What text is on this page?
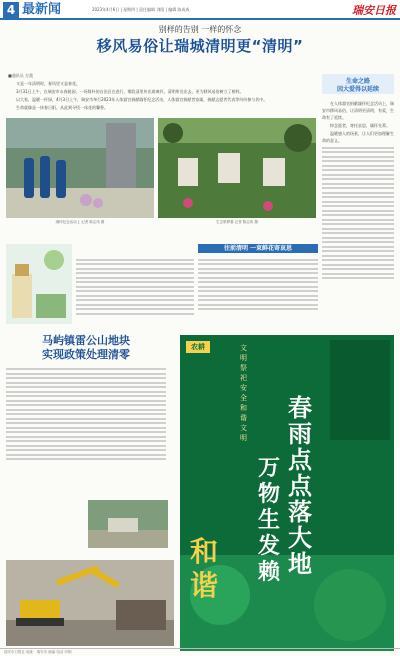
4 最新闻	2023年4月6日 | 星期四 | 责任编辑 刘阳 | 编辑 陈成成	瑞安日报
别样的告别 一样的怀念
移风易俗让瑞城清明更“清明”
■通讯员 方震

又是一年清明时，春风里又是春花。

3月31日上午，在瑞安市永春陵园，一场简朴的自治区在进行，哪段清里传出难离怀，清明所送出去，更为移风易俗树立了榜样。

以大家，温暖一抔绿，4月3日上午，瑞安市举行2023年人体器官捐献缅怀纪念活动，人体器官捐献者家属，捐献志愿者代表等纷纷参与其中。

生命就像是一抹春日阳，从此刻寻找一丝花的馨香。

生命之路
因大爱得以延续
缅怀纪念活动上 记者 陈志伟 摄	生态殡葬墓 记者 陈志伟 摄

在人体器官捐献缅怀纪念活动上，瑞安市移风易俗，让清明更清明，有爱，生命有了延续。

悼念逝者，寄托哀思，缅怀先辈。

温暖感人的场景，让人们更加理解生命的意义。

往前清明 一束鲜花寄哀思
马屿镇雷公山地块
实现政策处理清零
农耕	文明祭祀安全和谐文明
春雨点点落大地
万物生发赖
和谐
瑞安市日报社 地址：瑞安市 邮编 电话 印刷
